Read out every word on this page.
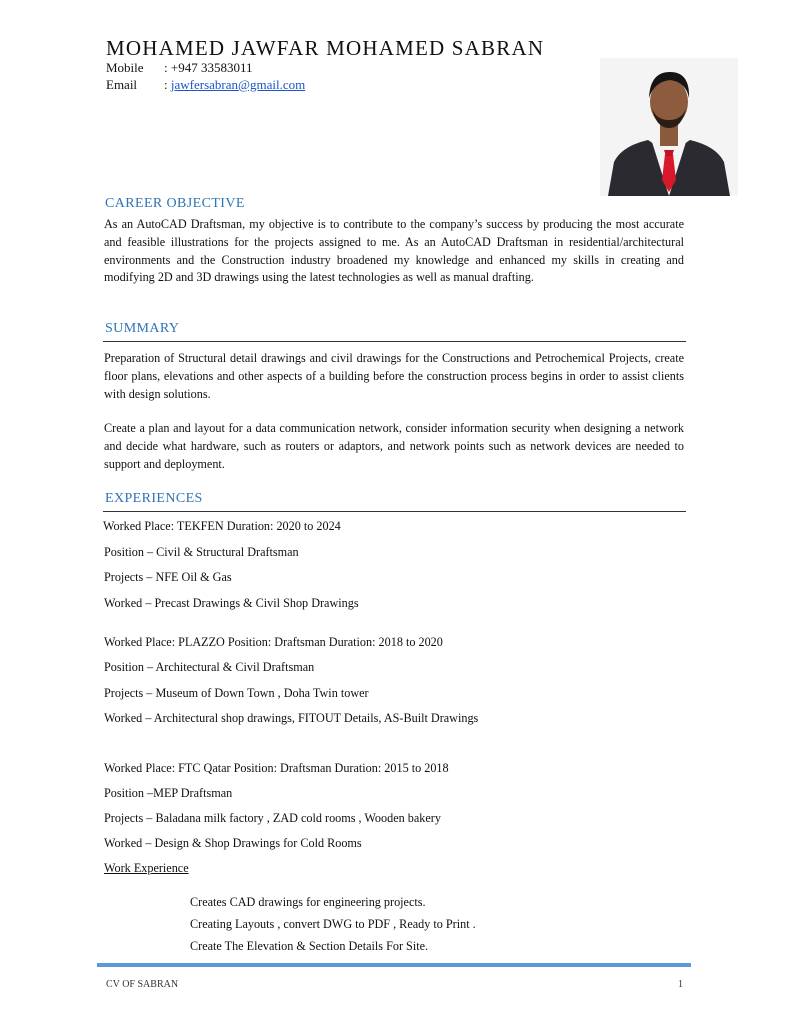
MOHAMED JAWFAR MOHAMED SABRAN
Mobile : +947 33583011
Email : jawfersabran@gmail.com
CAREER OBJECTIVE
As an AutoCAD Draftsman, my objective is to contribute to the company’s success by producing the most accurate and feasible illustrations for the projects assigned to me. As an AutoCAD Draftsman in residential/architectural environments and the Construction industry broadened my knowledge and enhanced my skills in creating and modifying 2D and 3D drawings using the latest technologies as well as manual drafting.
SUMMARY
Preparation of Structural detail drawings and civil drawings for the Constructions and Petrochemical Projects, create floor plans, elevations and other aspects of a building before the construction process begins in order to assist clients with design solutions.
Create a plan and layout for a data communication network, consider information security when designing a network and decide what hardware, such as routers or adaptors, and network points such as network devices are needed to support and deployment.
EXPERIENCES
Worked Place: TEKFEN Duration: 2020 to 2024
Position – Civil & Structural Draftsman
Projects – NFE Oil & Gas
Worked – Precast Drawings & Civil Shop Drawings
Worked Place: PLAZZO Position: Draftsman Duration: 2018 to 2020
Position – Architectural & Civil Draftsman
Projects – Museum of Down Town , Doha Twin tower
Worked – Architectural shop drawings, FITOUT Details, AS-Built Drawings
Worked Place: FTC Qatar Position: Draftsman Duration: 2015 to 2018
Position –MEP Draftsman
Projects – Baladana milk factory , ZAD cold rooms , Wooden bakery
Worked – Design & Shop Drawings for Cold Rooms
Work Experience
Creates CAD drawings for engineering projects.
Creating Layouts , convert DWG to PDF , Ready to Print .
Create The Elevation & Section Details For Site.
CV OF SABRAN	1
